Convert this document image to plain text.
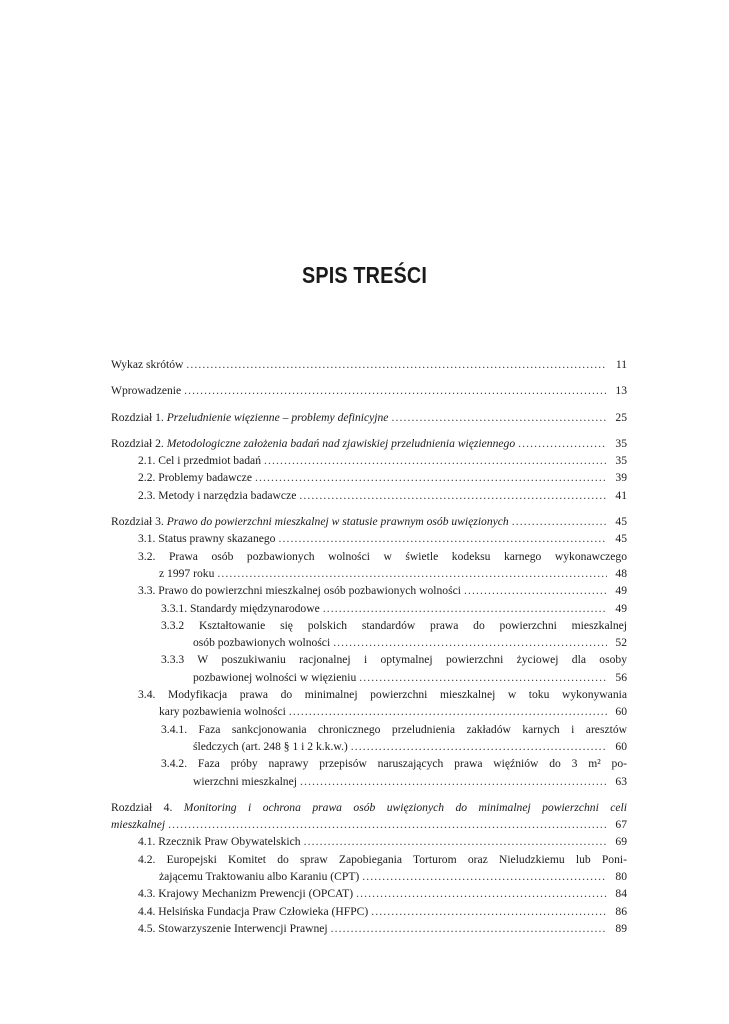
SPIS TREŚCI
Wykaz skrótów .....	11
Wprowadzenie .....	13
Rozdział 1. Przeludnienie więzienne – problemy definicyjne .....	25
Rozdział 2. Metodologiczne założenia badań nad zjawiskiej przeludnienia więziennego .....	35
2.1. Cel i przedmiot badań .....	35
2.2. Problemy badawcze .....	39
2.3. Metody i narzędzia badawcze .....	41
Rozdział 3. Prawo do powierzchni mieszkalnej w statusie prawnym osób uwięzionych .....	45
3.1. Status prawny skazanego .....	45
3.2. Prawa osób pozbawionych wolności w świetle kodeksu karnego wykonawczego
z 1997 roku .....	48
3.3. Prawo do powierzchni mieszkalnej osób pozbawionych wolności .....	49
3.3.1. Standardy międzynarodowe .....	49
3.3.2 Kształtowanie się polskich standardów prawa do powierzchni mieszkalnej
osób pozbawionych wolności .....	52
3.3.3 W poszukiwaniu racjonalnej i optymalnej powierzchni życiowej dla osoby
pozbawionej wolności w więzieniu .....	56
3.4. Modyfikacja prawa do minimalnej powierzchni mieszkalnej w toku wykonywania
kary pozbawienia wolności .....	60
3.4.1. Faza sankcjonowania chronicznego przeludnienia zakładów karnych i aresztów
śledczych (art. 248 § 1 i 2 k.k.w.) .....	60
3.4.2. Faza próby naprawy przepisów naruszających prawa więźniów do 3 m² po-
wierzchni mieszkalnej .....	63
Rozdział 4. Monitoring i ochrona prawa osób uwięzionych do minimalnej powierzchni celi
mieszkalnej .....	67
4.1. Rzecznik Praw Obywatelskich .....	69
4.2. Europejski Komitet do spraw Zapobiegania Torturom oraz Nieludzkiemu lub Poni-
żającemu Traktowaniu albo Karaniu (CPT) .....	80
4.3. Krajowy Mechanizm Prewencji (OPCAT) .....	84
4.4. Helsińska Fundacja Praw Człowieka (HFPC) .....	86
4.5. Stowarzyszenie Interwencji Prawnej .....	89
